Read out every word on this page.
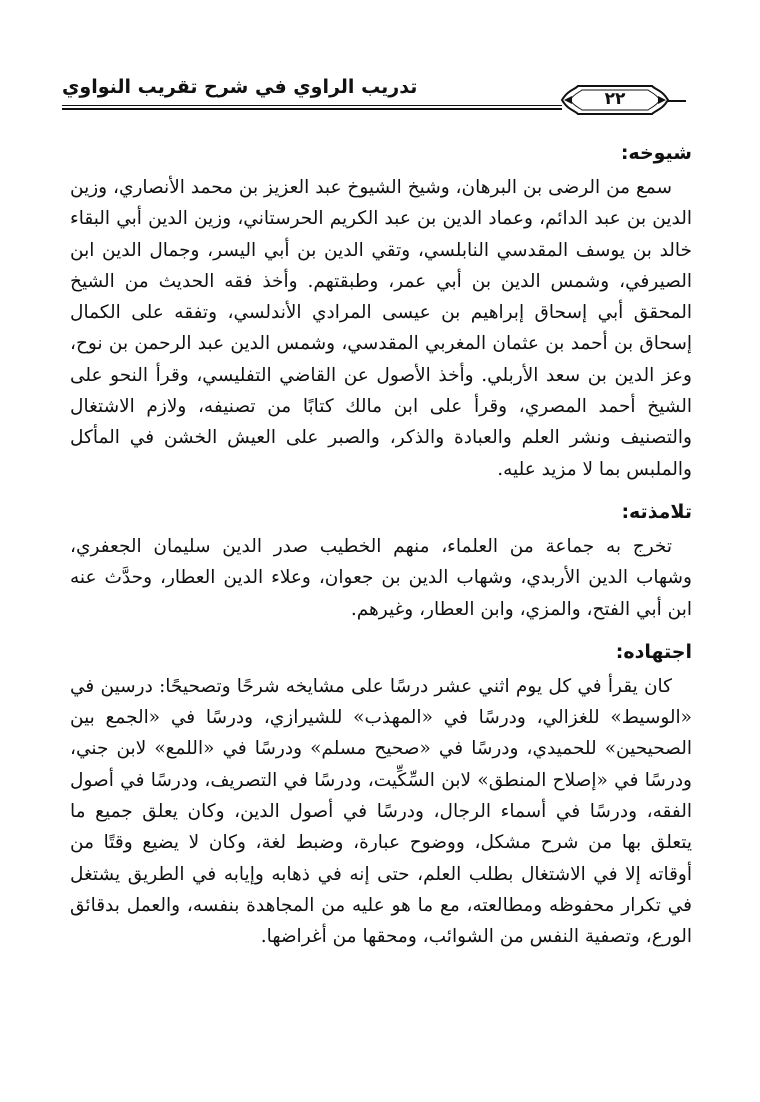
تدريب الراوي في شرح تقريب النواوي
٢٢
شيوخه:

سمع من الرضى بن البرهان، وشيخ الشيوخ عبد العزيز بن محمد الأنصاري، وزين الدين بن عبد الدائم، وعماد الدين بن عبد الكريم الحرستاني، وزين الدين أبي البقاء خالد بن يوسف المقدسي النابلسي، وتقي الدين بن أبي اليسر، وجمال الدين ابن الصيرفي، وشمس الدين بن أبي عمر، وطبقتهم. وأخذ فقه الحديث من الشيخ المحقق أبي إسحاق إبراهيم بن عيسى المرادي الأندلسي، وتفقه على الكمال إسحاق بن أحمد بن عثمان المغربي المقدسي، وشمس الدين عبد الرحمن بن نوح، وعز الدين بن سعد الأربلي. وأخذ الأصول عن القاضي التفليسي، وقرأ النحو على الشيخ أحمد المصري، وقرأ على ابن مالك كتابًا من تصنيفه، ولازم الاشتغال والتصنيف ونشر العلم والعبادة والذكر، والصبر على العيش الخشن في المأكل والملبس بما لا مزيد عليه.

تلامذته:

تخرج به جماعة من العلماء، منهم الخطيب صدر الدين سليمان الجعفري، وشهاب الدين الأربدي، وشهاب الدين بن جعوان، وعلاء الدين العطار، وحدَّث عنه ابن أبي الفتح، والمزي، وابن العطار، وغيرهم.

اجتهاده:

كان يقرأ في كل يوم اثني عشر درسًا على مشايخه شرحًا وتصحيحًا: درسين في «الوسيط» للغزالي، ودرسًا في «المهذب» للشيرازي، ودرسًا في «الجمع بين الصحيحين» للحميدي، ودرسًا في «صحيح مسلم» ودرسًا في «اللمع» لابن جني، ودرسًا في «إصلاح المنطق» لابن السِّكِّيت، ودرسًا في التصريف، ودرسًا في أصول الفقه، ودرسًا في أسماء الرجال، ودرسًا في أصول الدين، وكان يعلق جميع ما يتعلق بها من شرح مشكل، ووضوح عبارة، وضبط لغة، وكان لا يضيع وقتًا من أوقاته إلا في الاشتغال بطلب العلم، حتى إنه في ذهابه وإيابه في الطريق يشتغل في تكرار محفوظه ومطالعته، مع ما هو عليه من المجاهدة بنفسه، والعمل بدقائق الورع، وتصفية النفس من الشوائب، ومحقها من أغراضها.
